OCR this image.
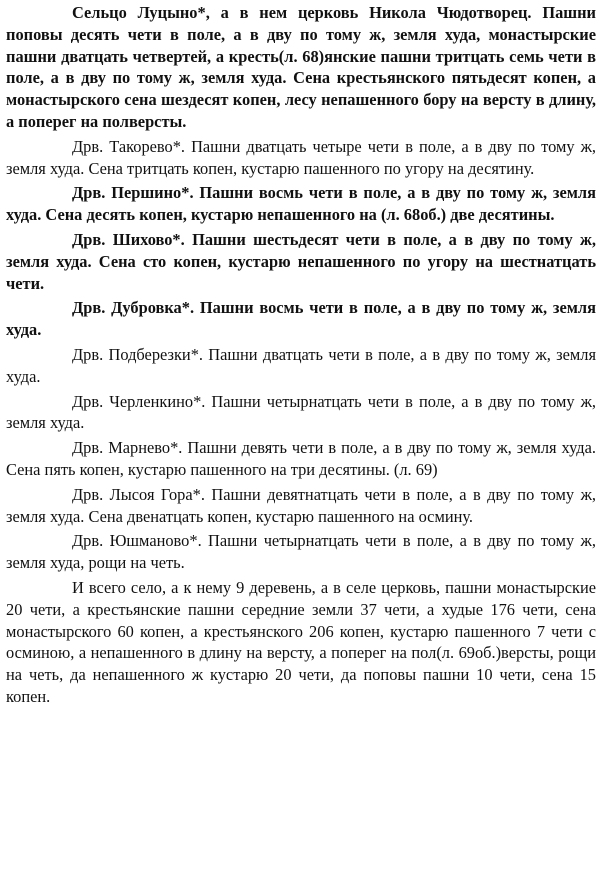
Сельцо Луцыно*, а в нем церковь Никола Чюдотворец. Пашни поповы десять чети в поле, а в дву по тому ж, земля худа, монастырские пашни дватцать четвертей, а кресть(л. 68)янские пашни тритцать семь чети в поле, а в дву по тому ж, земля худа. Сена крестьянского пятьдесят копен, а монастырского сена шездесят копен, лесу непашенного бору на версту в длину, а поперег на полверсты.

Дрв. Такорево*. Пашни дватцать четыре чети в поле, а в дву по тому ж, земля худа. Сена тритцать копен, кустарю пашенного по угору на десятину.

Дрв. Першино*. Пашни восмь чети в поле, а в дву по тому ж, земля худа. Сена десять копен, кустарю непашенного на (л. 68об.) две десятины.

Дрв. Шихово*. Пашни шестьдесят чети в поле, а в дву по тому ж, земля худа. Сена сто копен, кустарю непашенного по угору на шестнатцать чети.

Дрв. Дубровка*. Пашни восмь чети в поле, а в дву по тому ж, земля худа.

Дрв. Подберезки*. Пашни дватцать чети в поле, а в дву по тому ж, земля худа.

Дрв. Черленкино*. Пашни четырнатцать чети в поле, а в дву по тому ж, земля худа.

Дрв. Марнево*. Пашни девять чети в поле, а в дву по тому ж, земля худа. Сена пять копен, кустарю пашенного на три десятины. (л. 69)

Дрв. Лысоя Гора*. Пашни девятнатцать чети в поле, а в дву по тому ж, земля худа. Сена двенатцать копен, кустарю пашенного на осмину.

Дрв. Юшманово*. Пашни четырнатцать чети в поле, а в дву по тому ж, земля худа, рощи на четь.

И всего село, а к нему 9 деревень, а в селе церковь, пашни монастырские 20 чети, а крестьянские пашни середние земли 37 чети, а худые 176 чети, сена монастырского 60 копен, а крестьянского 206 копен, кустарю пашенного 7 чети с осминою, а непашенного в длину на версту, а поперег на пол(л. 69об.)версты, рощи на четь, да непашенного ж кустарю 20 чети, да поповы пашни 10 чети, сена 15 копен.
